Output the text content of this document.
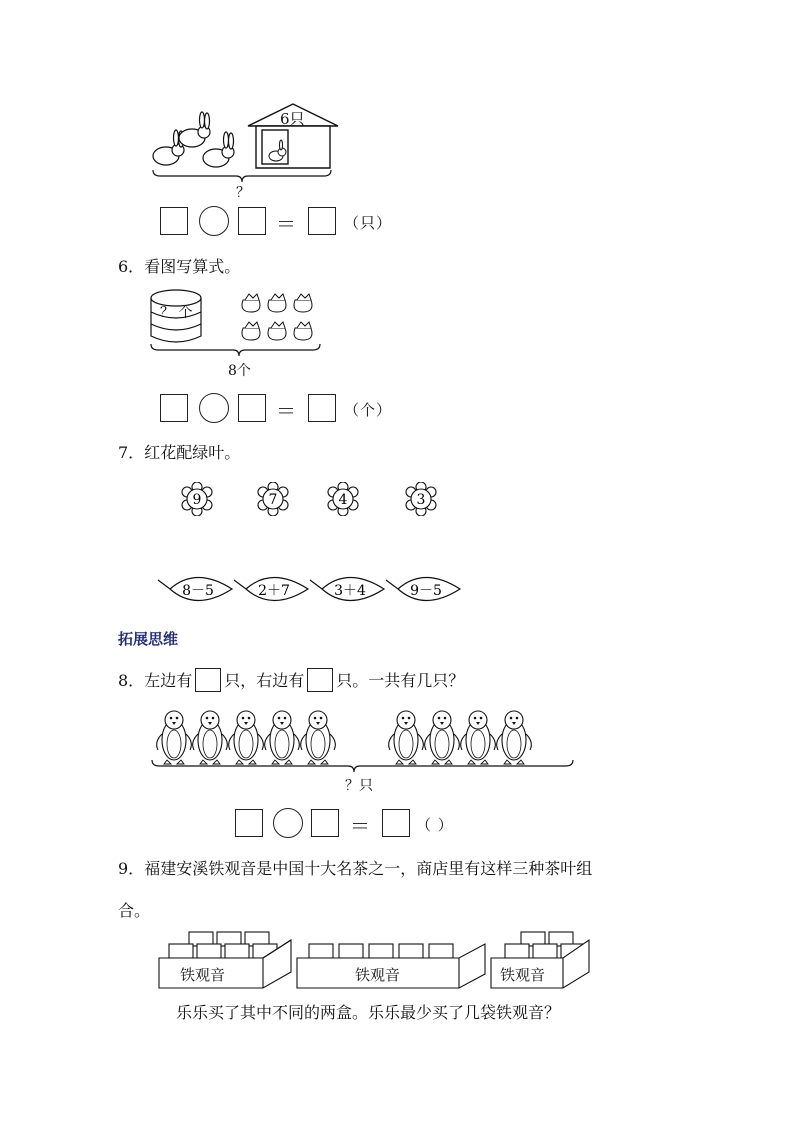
6只
？
＝	（只）
6．看图写算式。
？ 个
8个
＝	（个）
7．红花配绿叶。
9	7	4	3
8－5	2＋7	3＋4	9－5
拓展思维
8．左边有 只，右边有 只。一共有几只？
？只
＝	（ ）
9．福建安溪铁观音是中国十大名茶之一，商店里有这样三种茶叶组
合。
铁观音	铁观音	铁观音
乐乐买了其中不同的两盒。乐乐最少买了几袋铁观音？
